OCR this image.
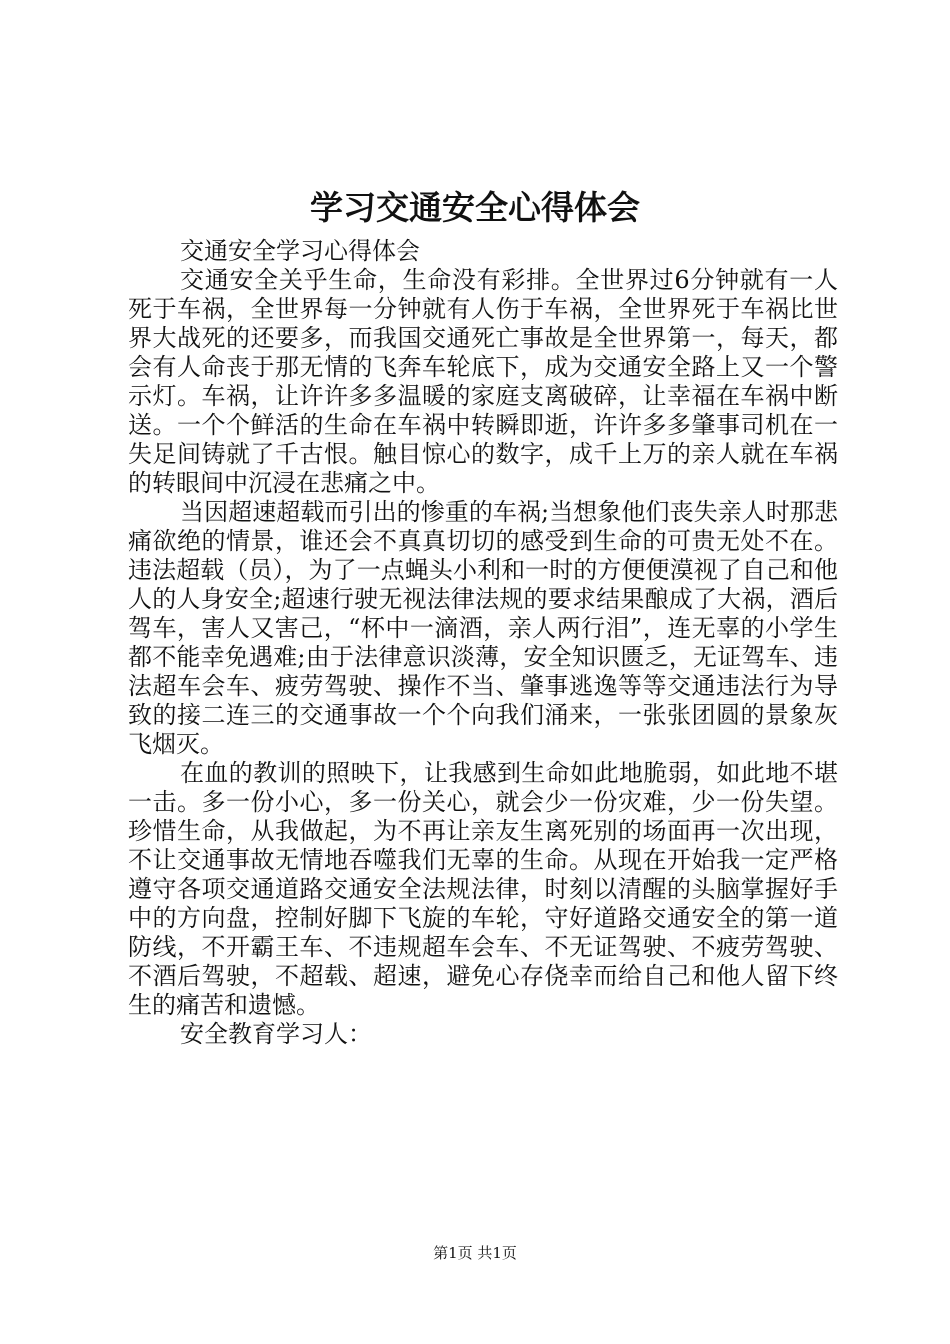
学习交通安全心得体会

交通安全学习心得体会

交通安全关乎生命，生命没有彩排。全世界过6分钟就有一人死于车祸，全世界每一分钟就有人伤于车祸，全世界死于车祸比世界大战死的还要多，而我国交通死亡事故是全世界第一，每天，都会有人命丧于那无情的飞奔车轮底下，成为交通安全路上又一个警示灯。车祸，让许许多多温暖的家庭支离破碎，让幸福在车祸中断送。一个个鲜活的生命在车祸中转瞬即逝，许许多多肇事司机在一失足间铸就了千古恨。触目惊心的数字，成千上万的亲人就在车祸的转眼间中沉浸在悲痛之中。

当因超速超载而引出的惨重的车祸;当想象他们丧失亲人时那悲痛欲绝的情景，谁还会不真真切切的感受到生命的可贵无处不在。违法超载（员），为了一点蝇头小利和一时的方便便漠视了自己和他人的人身安全;超速行驶无视法律法规的要求结果酿成了大祸，酒后驾车，害人又害己，“杯中一滴酒，亲人两行泪”，连无辜的小学生都不能幸免遇难;由于法律意识淡薄，安全知识匮乏，无证驾车、违法超车会车、疲劳驾驶、操作不当、肇事逃逸等等交通违法行为导致的接二连三的交通事故一个个向我们涌来，一张张团圆的景象灰飞烟灭。

在血的教训的照映下，让我感到生命如此地脆弱，如此地不堪一击。多一份小心，多一份关心，就会少一份灾难，少一份失望。珍惜生命，从我做起，为不再让亲友生离死别的场面再一次出现，不让交通事故无情地吞噬我们无辜的生命。从现在开始我一定严格遵守各项交通道路交通安全法规法律，时刻以清醒的头脑掌握好手中的方向盘，控制好脚下飞旋的车轮，守好道路交通安全的第一道防线，不开霸王车、不违规超车会车、不无证驾驶、不疲劳驾驶、不酒后驾驶，不超载、超速，避免心存侥幸而给自己和他人留下终生的痛苦和遗憾。

安全教育学习人：

第1页 共1页
